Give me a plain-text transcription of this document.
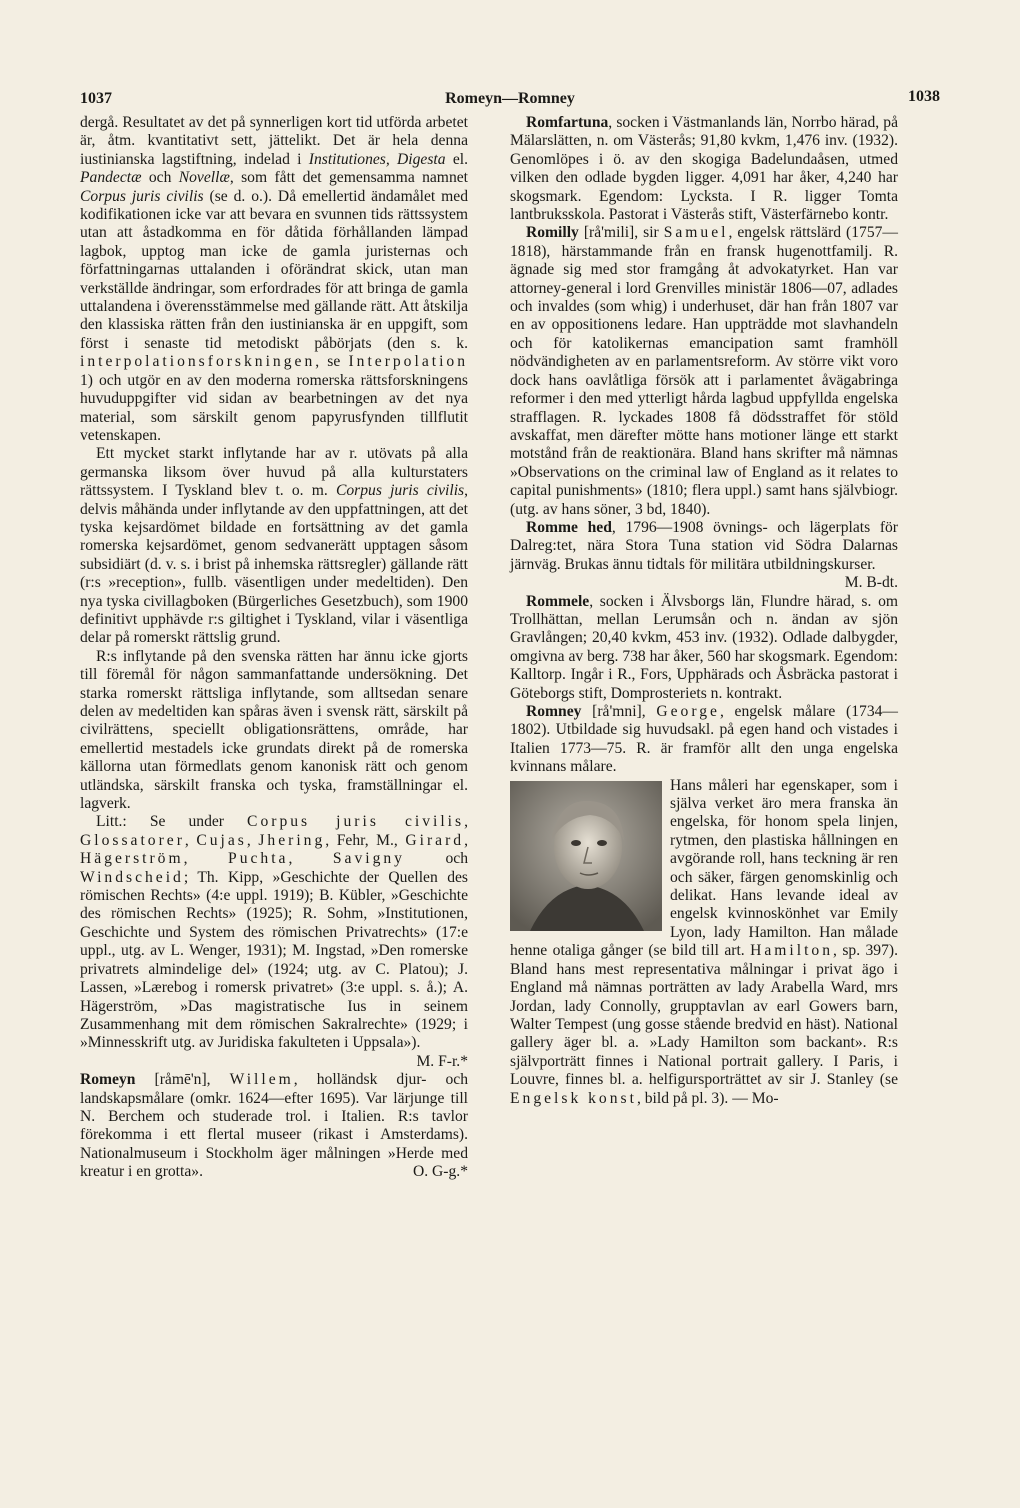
1037	Romeyn—Romney	1038

dergå. Resultatet av det på synnerligen kort tid utförda arbetet är, åtm. kvantitativt sett, jättelikt. Det är hela denna iustinianska lagstiftning, indelad i Institutiones, Digesta el. Pandectæ och Novellæ, som fått det gemensamma namnet Corpus juris civilis (se d. o.). Då emellertid ändamålet med kodifikationen icke var att bevara en svunnen tids rättssystem utan att åstadkomma en för dåtida förhållanden lämpad lagbok, upptog man icke de gamla juristernas och författningarnas uttalanden i oförändrat skick, utan man verkställde ändringar, som erfordrades för att bringa de gamla uttalandena i överensstämmelse med gällande rätt. Att åtskilja den klassiska rätten från den iustinianska är en uppgift, som först i senaste tid metodiskt påbörjats (den s. k. interpolationsforskningen, se Interpolation 1) och utgör en av den moderna romerska rättsforskningens huvuduppgifter vid sidan av bearbetningen av det nya material, som särskilt genom papyrusfynden tillflutit vetenskapen.

Ett mycket starkt inflytande har av r. utövats på alla germanska liksom över huvud på alla kulturstaters rättssystem. I Tyskland blev t. o. m. Corpus juris civilis, delvis måhända under inflytande av den uppfattningen, att det tyska kejsardömet bildade en fortsättning av det gamla romerska kejsardömet, genom sedvanerätt upptagen såsom subsidiärt (d. v. s. i brist på inhemska rättsregler) gällande rätt (r:s »reception», fullb. väsentligen under medeltiden). Den nya tyska civillagboken (Bürgerliches Gesetzbuch), som 1900 definitivt upphävde r:s giltighet i Tyskland, vilar i väsentliga delar på romerskt rättslig grund.

R:s inflytande på den svenska rätten har ännu icke gjorts till föremål för någon sammanfattande undersökning. Det starka romerskt rättsliga inflytande, som alltsedan senare delen av medeltiden kan spåras även i svensk rätt, särskilt på civilrättens, speciellt obligationsrättens, område, har emellertid mestadels icke grundats direkt på de romerska källorna utan förmedlats genom kanonisk rätt och genom utländska, särskilt franska och tyska, framställningar el. lagverk.

Litt.: Se under Corpus juris civilis, Glossatorer, Cujas, Jhering, Fehr, M., Girard, Hägerström, Puchta, Savigny och Windscheid; Th. Kipp, »Geschichte der Quellen des römischen Rechts» (4:e uppl. 1919); B. Kübler, »Geschichte des römischen Rechts» (1925); R. Sohm, »Institutionen, Geschichte und System des römischen Privatrechts» (17:e uppl., utg. av L. Wenger, 1931); M. Ingstad, »Den romerske privatrets almindelige del» (1924; utg. av C. Platou); J. Lassen, »Lærebog i romersk privatret» (3:e uppl. s. å.); A. Hägerström, »Das magistratische Ius in seinem Zusammenhang mit dem römischen Sakralrechte» (1929; i »Minnesskrift utg. av Juridiska fakulteten i Uppsala»).
M. F-r.*

Romeyn [råmē'n], Willem, holländsk djur- och landskapsmålare (omkr. 1624—efter 1695). Var lärjunge till N. Berchem och studerade trol. i Italien. R:s tavlor förekomma i ett flertal museer (rikast i Amsterdams). Nationalmuseum i Stockholm äger målningen »Herde med kreatur i en grotta».	O. G-g.*

Romfartuna, socken i Västmanlands län, Norrbo härad, på Mälarslätten, n. om Västerås; 91,80 kvkm, 1,476 inv. (1932). Genomlöpes i ö. av den skogiga Badelundaåsen, utmed vilken den odlade bygden ligger. 4,091 har åker, 4,240 har skogsmark. Egendom: Lycksta. I R. ligger Tomta lantbruksskola. Pastorat i Västerås stift, Västerfärnebo kontr.

Romilly [rå'mili], sir Samuel, engelsk rättslärd (1757—1818), härstammande från en fransk hugenottfamilj. R. ägnade sig med stor framgång åt advokatyrket. Han var attorney-general i lord Grenvilles ministär 1806—07, adlades och invaldes (som whig) i underhuset, där han från 1807 var en av oppositionens ledare. Han uppträdde mot slavhandeln och för katolikernas emancipation samt framhöll nödvändigheten av en parlamentsreform. Av större vikt voro dock hans oavlåtliga försök att i parlamentet åvägabringa reformer i den med ytterligt hårda lagbud uppfyllda engelska strafflagen. R. lyckades 1808 få dödsstraffet för stöld avskaffat, men därefter mötte hans motioner länge ett starkt motstånd från de reaktionära. Bland hans skrifter må nämnas »Observations on the criminal law of England as it relates to capital punishments» (1810; flera uppl.) samt hans självbiogr. (utg. av hans söner, 3 bd, 1840).

Romme hed, 1796—1908 övnings- och lägerplats för Dalreg:tet, nära Stora Tuna station vid Södra Dalarnas järnväg. Brukas ännu tidtals för militära utbildningskurser.
M. B-dt.

Rommele, socken i Älvsborgs län, Flundre härad, s. om Trollhättan, mellan Lerumsån och n. ändan av sjön Gravlången; 20,40 kvkm, 453 inv. (1932). Odlade dalbygder, omgivna av berg. 738 har åker, 560 har skogsmark. Egendom: Kalltorp. Ingår i R., Fors, Upphärads och Åsbräcka pastorat i Göteborgs stift, Domprosteriets n. kontrakt.

Romney [rå'mni], George, engelsk målare (1734—1802). Utbildade sig huvudsakl. på egen hand och vistades i Italien 1773—75. R. är framför allt den unga engelska kvinnans målare.

Hans måleri har egenskaper, som i själva verket äro mera franska än engelska, för honom spela linjen, rytmen, den plastiska hållningen en avgörande roll, hans teckning är ren och säker, färgen genomskinlig och delikat. Hans levande ideal av engelsk kvinnoskönhet var Emily Lyon, lady Hamilton. Han målade henne otaliga gånger (se bild till art. Hamilton, sp. 397). Bland hans mest representativa målningar i privat ägo i England må nämnas porträtten av lady Arabella Ward, mrs Jordan, lady Connolly, grupptavlan av earl Gowers barn, Walter Tempest (ung gosse stående bredvid en häst). National gallery äger bl. a. »Lady Hamilton som backant». R:s självporträtt finnes i National portrait gallery. I Paris, i Louvre, finnes bl. a. helfigursporträttet av sir J. Stanley (se Engelsk konst, bild på pl. 3). — Mo-
